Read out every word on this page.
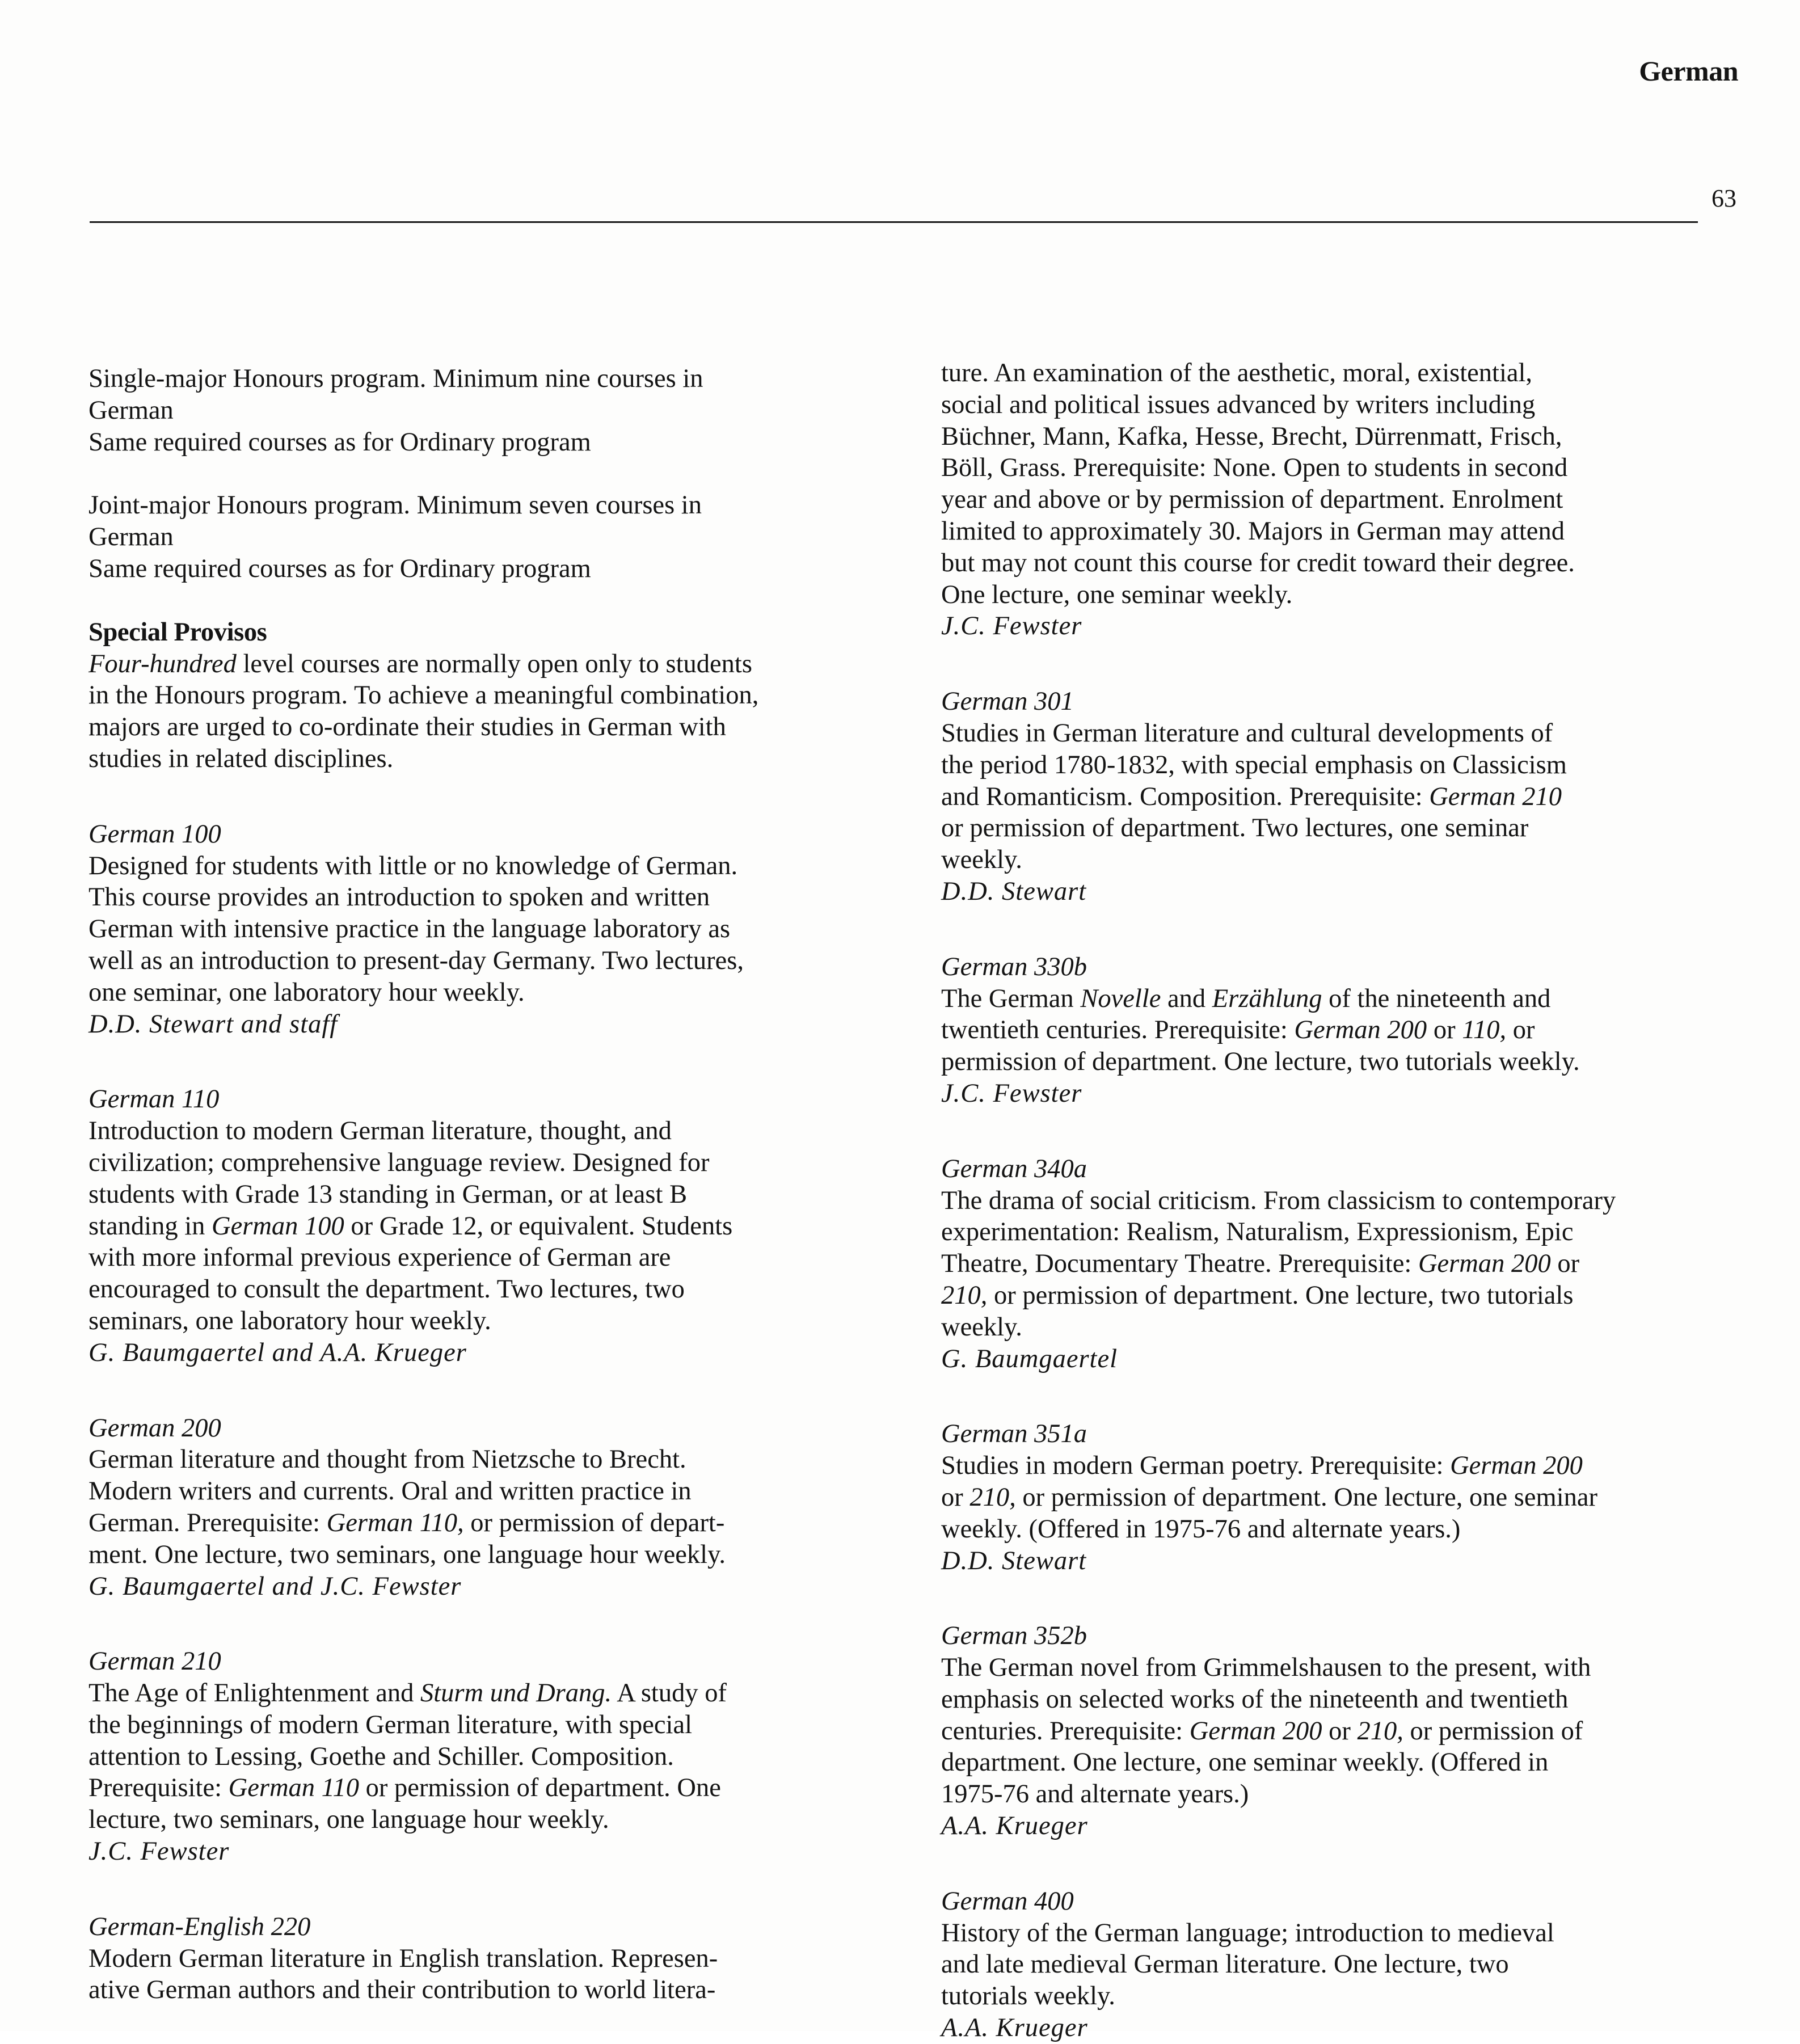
German
63
Single-major Honours program. Minimum nine courses in
German
Same required courses as for Ordinary program
Joint-major Honours program. Minimum seven courses in
German
Same required courses as for Ordinary program
Special Provisos
Four-hundred level courses are normally open only to students
in the Honours program. To achieve a meaningful combination,
majors are urged to co-ordinate their studies in German with
studies in related disciplines.
German 100
Designed for students with little or no knowledge of German.
This course provides an introduction to spoken and written
German with intensive practice in the language laboratory as
well as an introduction to present-day Germany. Two lectures,
one seminar, one laboratory hour weekly.
D.D. Stewart and staff
German 110
Introduction to modern German literature, thought, and
civilization; comprehensive language review. Designed for
students with Grade 13 standing in German, or at least B
standing in German 100 or Grade 12, or equivalent. Students
with more informal previous experience of German are
encouraged to consult the department. Two lectures, two
seminars, one laboratory hour weekly.
G. Baumgaertel and A.A. Krueger
German 200
German literature and thought from Nietzsche to Brecht.
Modern writers and currents. Oral and written practice in
German. Prerequisite: German 110, or permission of depart-
ment. One lecture, two seminars, one language hour weekly.
G. Baumgaertel and J.C. Fewster
German 210
The Age of Enlightenment and Sturm und Drang. A study of
the beginnings of modern German literature, with special
attention to Lessing, Goethe and Schiller. Composition.
Prerequisite: German 110 or permission of department. One
lecture, two seminars, one language hour weekly.
J.C. Fewster
German-English 220
Modern German literature in English translation. Represen-
ative German authors and their contribution to world litera-
ture. An examination of the aesthetic, moral, existential,
social and political issues advanced by writers including
Büchner, Mann, Kafka, Hesse, Brecht, Dürrenmatt, Frisch,
Böll, Grass. Prerequisite: None. Open to students in second
year and above or by permission of department. Enrolment
limited to approximately 30. Majors in German may attend
but may not count this course for credit toward their degree.
One lecture, one seminar weekly.
J.C. Fewster
German 301
Studies in German literature and cultural developments of
the period 1780-1832, with special emphasis on Classicism
and Romanticism. Composition. Prerequisite: German 210
or permission of department. Two lectures, one seminar
weekly.
D.D. Stewart
German 330b
The German Novelle and Erzählung of the nineteenth and
twentieth centuries. Prerequisite: German 200 or 110, or
permission of department. One lecture, two tutorials weekly.
J.C. Fewster
German 340a
The drama of social criticism. From classicism to contemporary
experimentation: Realism, Naturalism, Expressionism, Epic
Theatre, Documentary Theatre. Prerequisite: German 200 or
210, or permission of department. One lecture, two tutorials
weekly.
G. Baumgaertel
German 351a
Studies in modern German poetry. Prerequisite: German 200
or 210, or permission of department. One lecture, one seminar
weekly. (Offered in 1975-76 and alternate years.)
D.D. Stewart
German 352b
The German novel from Grimmelshausen to the present, with
emphasis on selected works of the nineteenth and twentieth
centuries. Prerequisite: German 200 or 210, or permission of
department. One lecture, one seminar weekly. (Offered in
1975-76 and alternate years.)
A.A. Krueger
German 400
History of the German language; introduction to medieval
and late medieval German literature. One lecture, two
tutorials weekly.
A.A. Krueger
